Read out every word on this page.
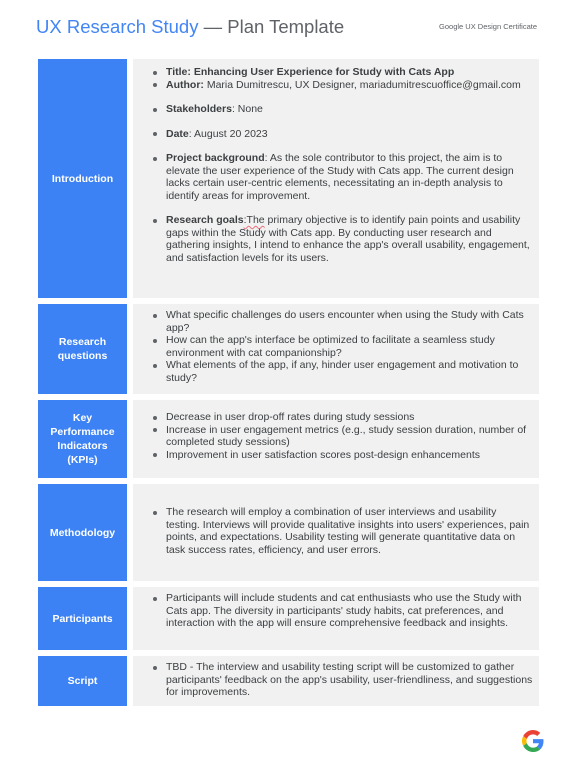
UX Research Study — Plan Template	Google UX Design Certificate
Introduction
Title: Enhancing User Experience for Study with Cats App
Author: Maria Dumitrescu, UX Designer, mariadumitrescuoffice@gmail.com
Stakeholders: None
Date: August 20 2023
Project background: As the sole contributor to this project, the aim is to elevate the user experience of the Study with Cats app. The current design lacks certain user-centric elements, necessitating an in-depth analysis to identify areas for improvement.
Research goals:The primary objective is to identify pain points and usability gaps within the Study with Cats app. By conducting user research and gathering insights, I intend to enhance the app's overall usability, engagement, and satisfaction levels for its users.
Research questions
What specific challenges do users encounter when using the Study with Cats app?
How can the app's interface be optimized to facilitate a seamless study environment with cat companionship?
What elements of the app, if any, hinder user engagement and motivation to study?
Key Performance Indicators (KPIs)
Decrease in user drop-off rates during study sessions
Increase in user engagement metrics (e.g., study session duration, number of completed study sessions)
Improvement in user satisfaction scores post-design enhancements
Methodology
The research will employ a combination of user interviews and usability testing. Interviews will provide qualitative insights into users' experiences, pain points, and expectations. Usability testing will generate quantitative data on task success rates, efficiency, and user errors.
Participants
Participants will include students and cat enthusiasts who use the Study with Cats app. The diversity in participants' study habits, cat preferences, and interaction with the app will ensure comprehensive feedback and insights.
Script
TBD - The interview and usability testing script will be customized to gather participants' feedback on the app's usability, user-friendliness, and suggestions for improvements.
